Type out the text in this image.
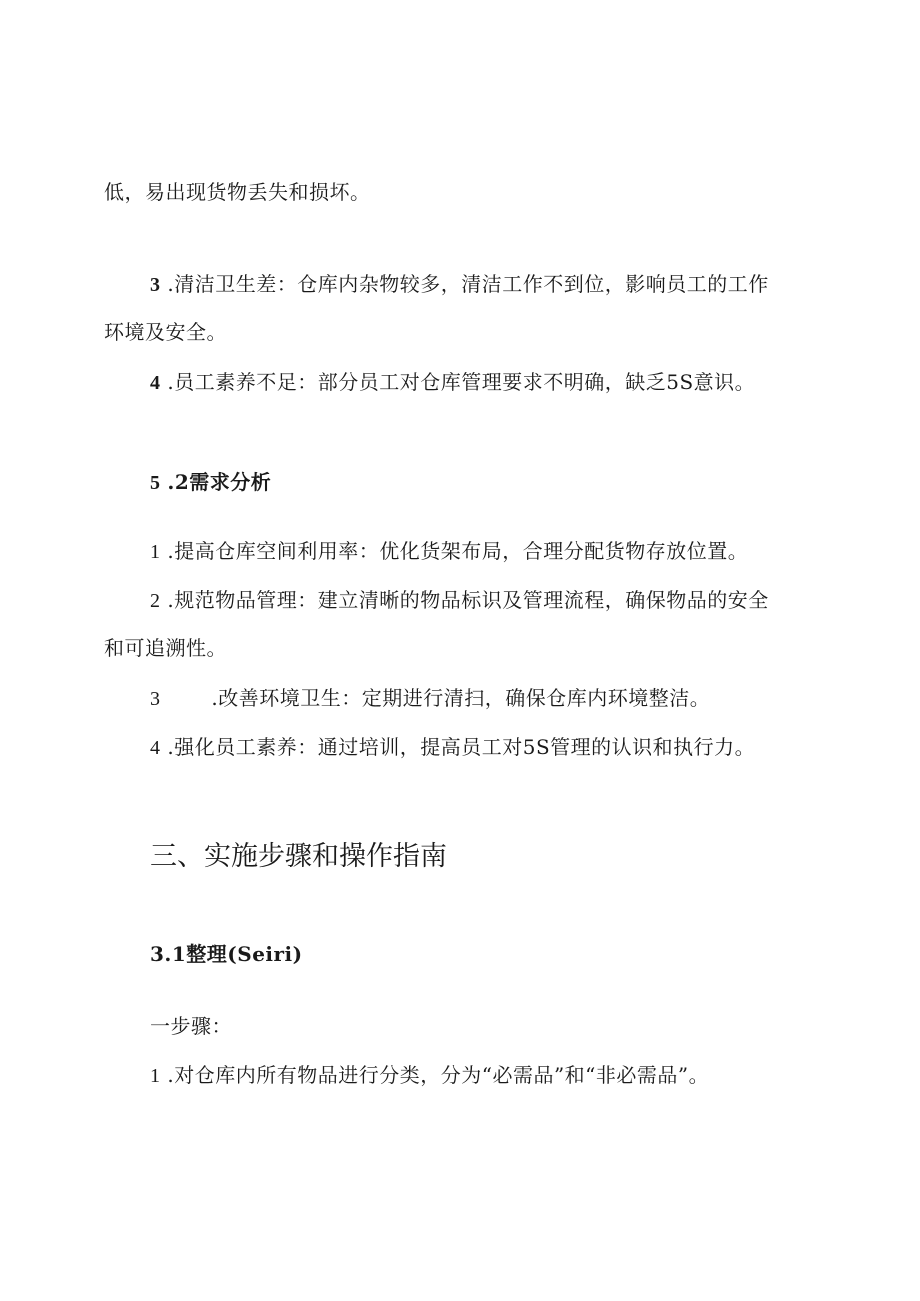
低，易出现货物丢失和损坏。
3 .清洁卫生差：仓库内杂物较多，清洁工作不到位，影响员工的工作
环境及安全。
4 .员工素养不足：部分员工对仓库管理要求不明确，缺乏5S意识。
5 .2需求分析
1 .提高仓库空间利用率：优化货架布局，合理分配货物存放位置。
2 .规范物品管理：建立清晰的物品标识及管理流程，确保物品的安全
和可追溯性。
3	.改善环境卫生：定期进行清扫，确保仓库内环境整洁。
4 .强化员工素养：通过培训，提高员工对5S管理的认识和执行力。
三、实施步骤和操作指南
3.1整理(Seiri)
一步骤：
1 .对仓库内所有物品进行分类，分为“必需品”和“非必需品”。
